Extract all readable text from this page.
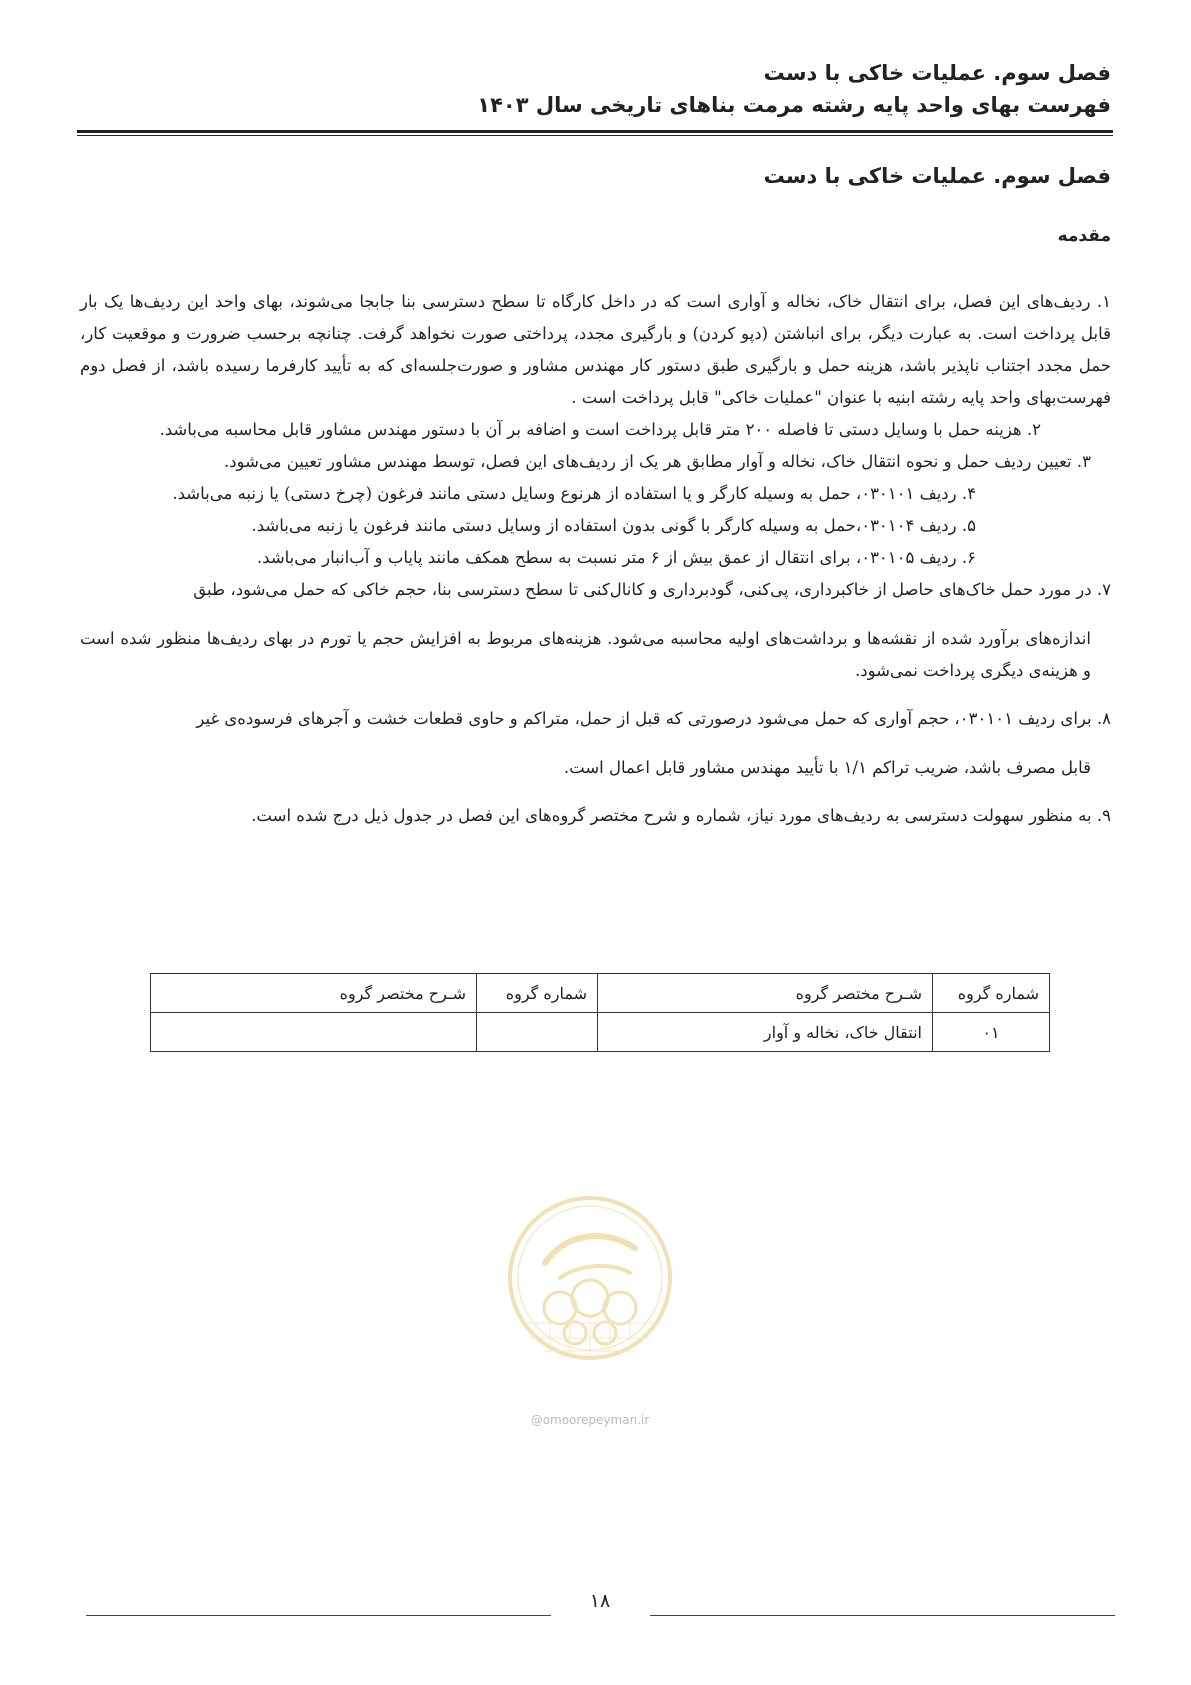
فصل سوم. عملیات خاکی با دست
فهرست بهای واحد پایه رشته مرمت بناهای تاریخی سال ۱۴۰۳
فصل سوم. عملیات خاکی با دست
مقدمه

۱. ردیف‌های این فصل، برای انتقال خاک، نخاله و آواری است که در داخل کارگاه تا سطح دسترسی بنا جابجا می‌شوند، بهای واحد این ردیف‌ها یک بار قابل پرداخت است. به عبارت دیگر، برای انباشتن (دپو کردن) و بارگیری مجدد، پرداختی صورت نخواهد گرفت. چنانچه برحسب ضرورت و موقعیت کار، حمل مجدد اجتناب ناپذیر باشد، هزینه حمل و بارگیری طبق دستور کار مهندس مشاور و صورت‌جلسه‌ای که به تأیید کارفرما رسیده باشد، از فصل دوم فهرست‌بهای واحد پایه رشته ابنیه با عنوان "عملیات خاکی" قابل پرداخت است .

۲. هزینه حمل با وسایل دستی تا فاصله ۲۰۰ متر قابل پرداخت است و اضافه بر آن با دستور مهندس مشاور قابل محاسبه می‌باشد.

۳. تعیین ردیف حمل و نحوه انتقال خاک، نخاله و آوار مطابق هر یک از ردیف‌های این فصل، توسط مهندس مشاور تعیین می‌شود.

۴. ردیف ۰۳۰۱۰۱، حمل به وسیله کارگر و یا استفاده از هرنوع وسایل دستی مانند فرغون (چرخ دستی) یا زنبه می‌باشد.

۵. ردیف ۰۳۰۱۰۴،حمل به وسیله کارگر با گونی بدون استفاده از وسایل دستی مانند فرغون یا زنبه می‌باشد.

۶. ردیف ۰۳۰۱۰۵، برای انتقال از عمق بیش از ۶ متر نسبت به سطح همکف مانند پایاب و آب‌انبار می‌باشد.

۷. در مورد حمل خاک‌های حاصل از خاکبرداری، پی‌کنی، گودبرداری و کانال‌کنی تا سطح دسترسی بنا، حجم خاکی که حمل می‌شود، طبق

اندازه‌های برآورد شده از نقشه‌ها و برداشت‌های اولیه محاسبه می‌شود. هزینه‌های مربوط به افزایش حجم یا تورم در بهای ردیف‌ها منظور شده است و هزینه‌ی دیگری پرداخت نمی‌شود.

۸. برای ردیف ۰۳۰۱۰۱، حجم آواری که حمل می‌شود درصورتی که قبل از حمل، متراکم و حاوی قطعات خشت و آجرهای فرسوده‌ی غیر

قابل مصرف باشد، ضریب تراکم ۱/۱ با تأیید مهندس مشاور قابل اعمال است.

۹. به منظور سهولت دسترسی به ردیف‌های مورد نیاز، شماره و شرح مختصر گروه‌های این فصل در جدول ذیل درج شده است.

شماره گروه	شـرح مختصر گروه	شماره گروه	شـرح مختصر گروه
۰۱	انتقال خاک، نخاله و آوار		
@omoorepeyman.ir
۱۸
